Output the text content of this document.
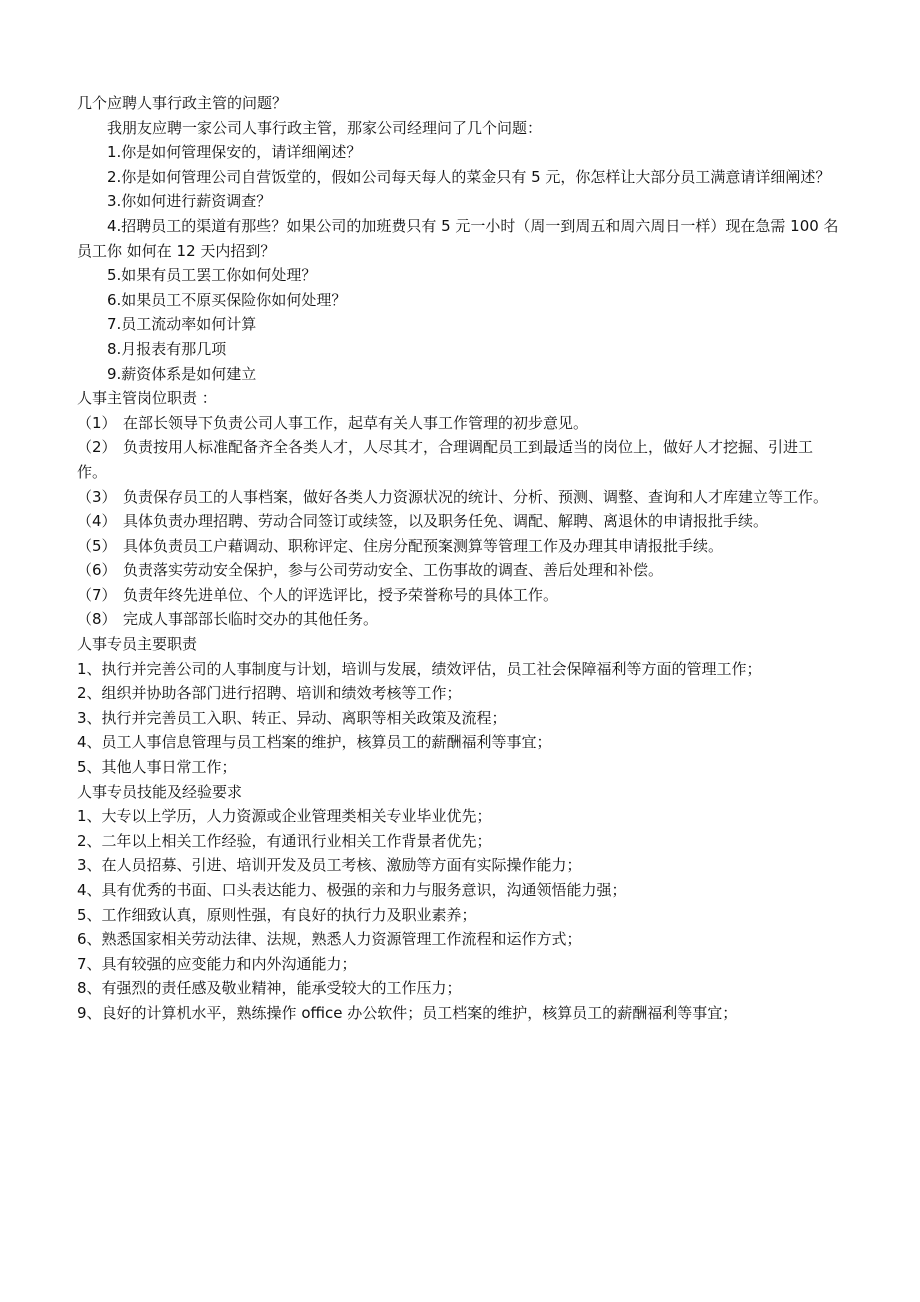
几个应聘人事行政主管的问题？

我朋友应聘一家公司人事行政主管，那家公司经理问了几个问题：

1.你是如何管理保安的，请详细阐述？

2.你是如何管理公司自营饭堂的，假如公司每天每人的菜金只有 5 元，你怎样让大部分员工满意请详细阐述？

3.你如何进行薪资调查？

4.招聘员工的渠道有那些？如果公司的加班费只有 5 元一小时（周一到周五和周六周日一样）现在急需 100 名员工你 如何在 12 天内招到？

5.如果有员工罢工你如何处理？

6.如果员工不原买保险你如何处理？

7.员工流动率如何计算

8.月报表有那几项

9.薪资体系是如何建立

人事主管岗位职责 ：

（1） 在部长领导下负责公司人事工作，起草有关人事工作管理的初步意见。

（2） 负责按用人标准配备齐全各类人才，人尽其才，合理调配员工到最适当的岗位上，做好人才挖掘、引进工作。

（3） 负责保存员工的人事档案，做好各类人力资源状况的统计、分析、预测、调整、查询和人才库建立等工作。

（4） 具体负责办理招聘、劳动合同签订或续签，以及职务任免、调配、解聘、离退休的申请报批手续。

（5） 具体负责员工户藉调动、职称评定、住房分配预案测算等管理工作及办理其申请报批手续。

（6） 负责落实劳动安全保护，参与公司劳动安全、工伤事故的调查、善后处理和补偿。

（7） 负责年终先进单位、个人的评选评比，授予荣誉称号的具体工作。

（8） 完成人事部部长临时交办的其他任务。

人事专员主要职责

1、执行并完善公司的人事制度与计划，培训与发展，绩效评估，员工社会保障福利等方面的管理工作；

2、组织并协助各部门进行招聘、培训和绩效考核等工作；

3、执行并完善员工入职、转正、异动、离职等相关政策及流程；

4、员工人事信息管理与员工档案的维护，核算员工的薪酬福利等事宜；

5、其他人事日常工作；

人事专员技能及经验要求

1、大专以上学历，人力资源或企业管理类相关专业毕业优先；

2、二年以上相关工作经验，有通讯行业相关工作背景者优先；

3、在人员招募、引进、培训开发及员工考核、激励等方面有实际操作能力；

4、具有优秀的书面、口头表达能力、极强的亲和力与服务意识，沟通领悟能力强；

5、工作细致认真，原则性强，有良好的执行力及职业素养；

6、熟悉国家相关劳动法律、法规，熟悉人力资源管理工作流程和运作方式；

7、具有较强的应变能力和内外沟通能力；

8、有强烈的责任感及敬业精神，能承受较大的工作压力；

9、良好的计算机水平，熟练操作 office 办公软件；员工档案的维护，核算员工的薪酬福利等事宜；
